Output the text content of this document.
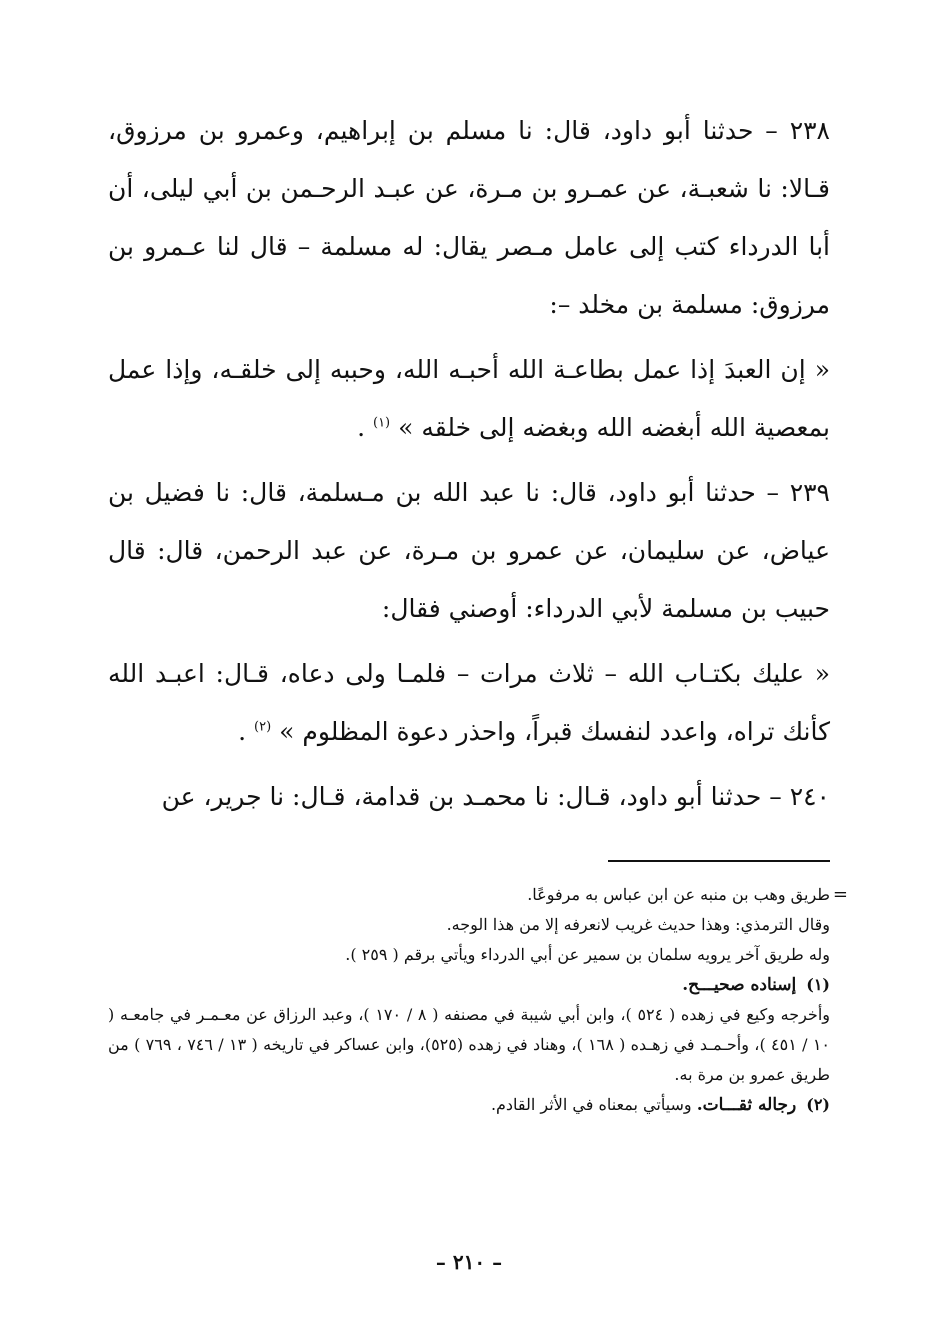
٢٣٨ – حدثنا أبو داود، قال: نا مسلم بن إبراهيم، وعمرو بن مرزوق، قـالا: نا شعبـة، عن عمـرو بن مـرة، عن عبـد الرحـمن بن أبي ليلى، أن أبا الدرداء كتب إلى عامل مـصر يقال: له مسلمة – قال لنا عـمرو بن مرزوق: مسلمة بن مخلد –:

« إن العبدَ إذا عمل بطاعـة الله أحبـه الله، وحببه إلى خلقـه، وإذا عمل بمعصية الله أبغضه الله وبغضه إلى خلقه » $^{(١)}$ .

٢٣٩ – حدثنا أبو داود، قال: نا عبد الله بن مـسلمة، قال: نا فضيل بن عياض، عن سليمان، عن عمرو بن مـرة، عن عبد الرحمن، قال: قال حبيب بن مسلمة لأبي الدرداء: أوصني فقال:

« عليك بكتـاب الله – ثلاث مرات – فلمـا ولى دعاه، قـال: اعبـد الله كأنك تراه، واعدد لنفسك قبراً، واحذر دعوة المظلوم » $^{(٢)}$ .

٢٤٠ – حدثنا أبو داود، قـال: نا محمـد بن قدامة، قـال: نا جرير، عن

=

طريق وهب بن منبه عن ابن عباس به مرفوعًا.

وقال الترمذي: وهذا حديث غريب لانعرفه إلا من هذا الوجه.

وله طريق آخر يرويه سلمان بن سمير عن أبي الدرداء ويأتي برقم ( ٢٥٩ ).

(١)إسناده صحيـــح.

وأخرجه وكيع في زهده ( ٥٢٤ )، وابن أبي شيبة في مصنفه ( ٨ / ١٧٠ )، وعبد الرزاق عن معـمـر في جامعـه ( ١٠ / ٤٥١ )، وأحـمـد في زهـده ( ١٦٨ )، وهناد في زهده (٥٢٥)، وابن عساكر في تاريخه ( ١٣ / ٧٤٦ ، ٧٦٩ ) من طريق عمرو بن مرة به.

(٢)رجاله ثقـــات. وسيأتي بمعناه في الأثر القادم.

– ٢١٠ –
